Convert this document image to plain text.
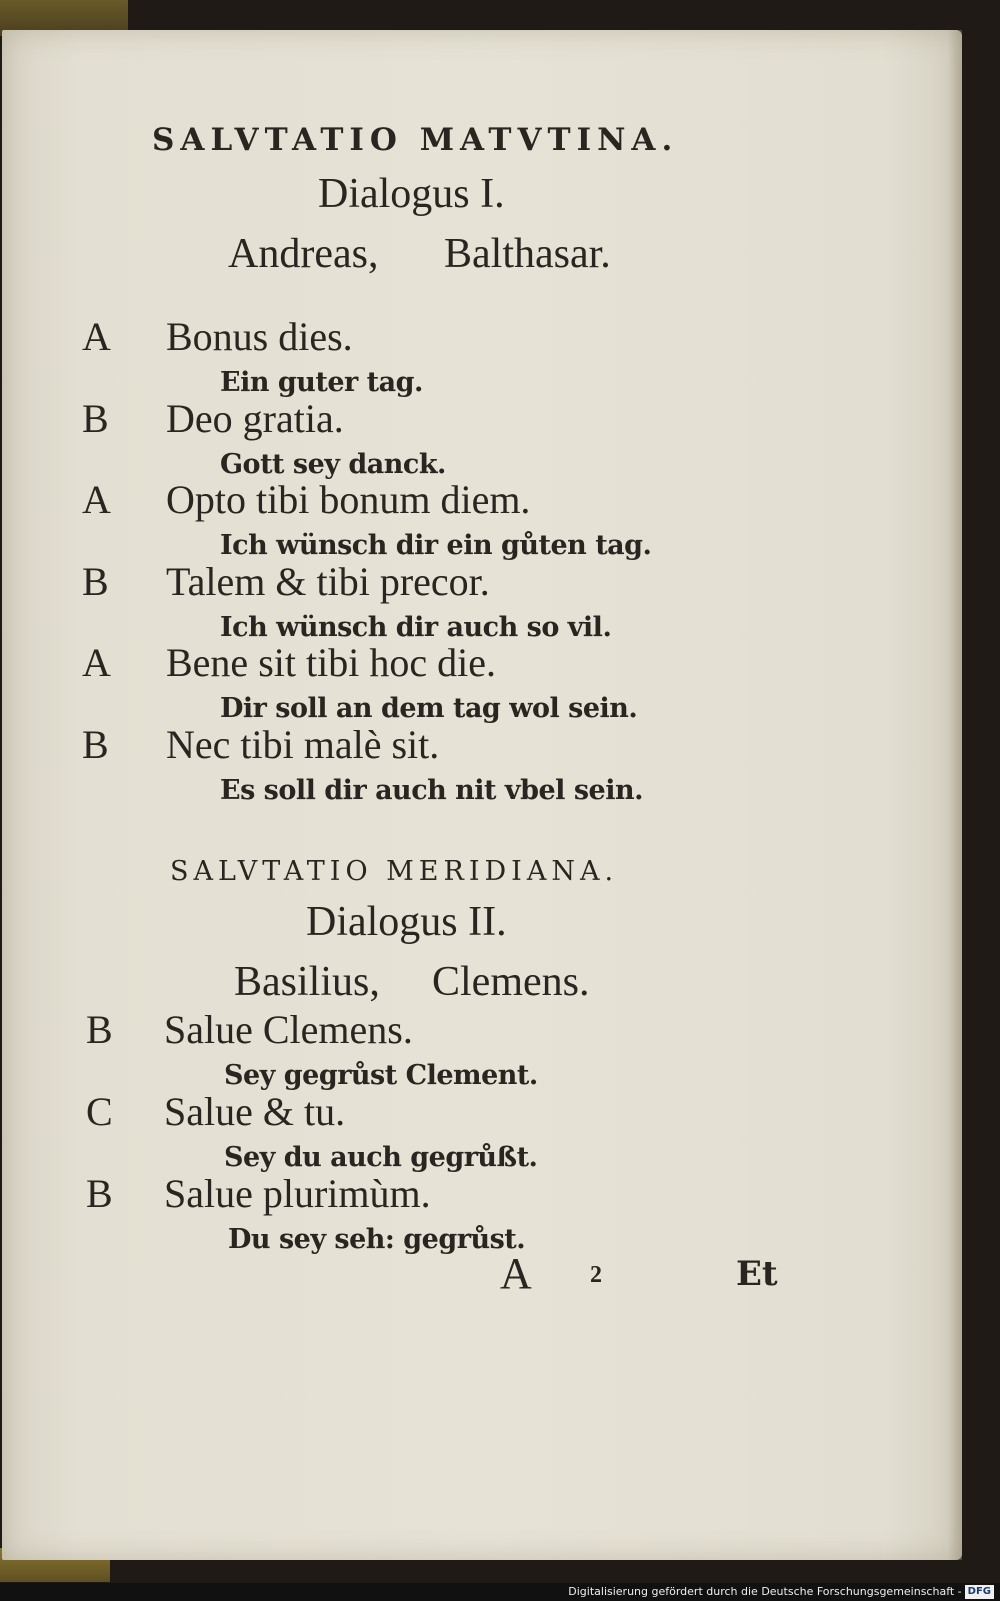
SALVTATIO MATVTINA.
Dialogus I.
Andreas, Balthasar.
A Bonus dies.
Ein guter tag.
B Deo gratia.
Gott sey danck.
A Opto tibi bonum diem.
Ich wünsch dir ein gůten tag.
B Talem & tibi precor.
Ich wünsch dir auch so vil.
A Bene sit tibi hoc die.
Dir soll an dem tag wol sein.
B Nec tibi malè sit.
Es soll dir auch nit vbel sein.
SALVTATIO MERIDIANA.
Dialogus II.
Basilius, Clemens.
B Salue Clemens.
Sey gegrůst Clement.
C Salue & tu.
Sey du auch gegrůßt.
B Salue plurimùm.
Du sey seh: gegrůst.
A 2	Et
Digitalisierung gefördert durch die Deutsche Forschungsgemeinschaft - DFG
